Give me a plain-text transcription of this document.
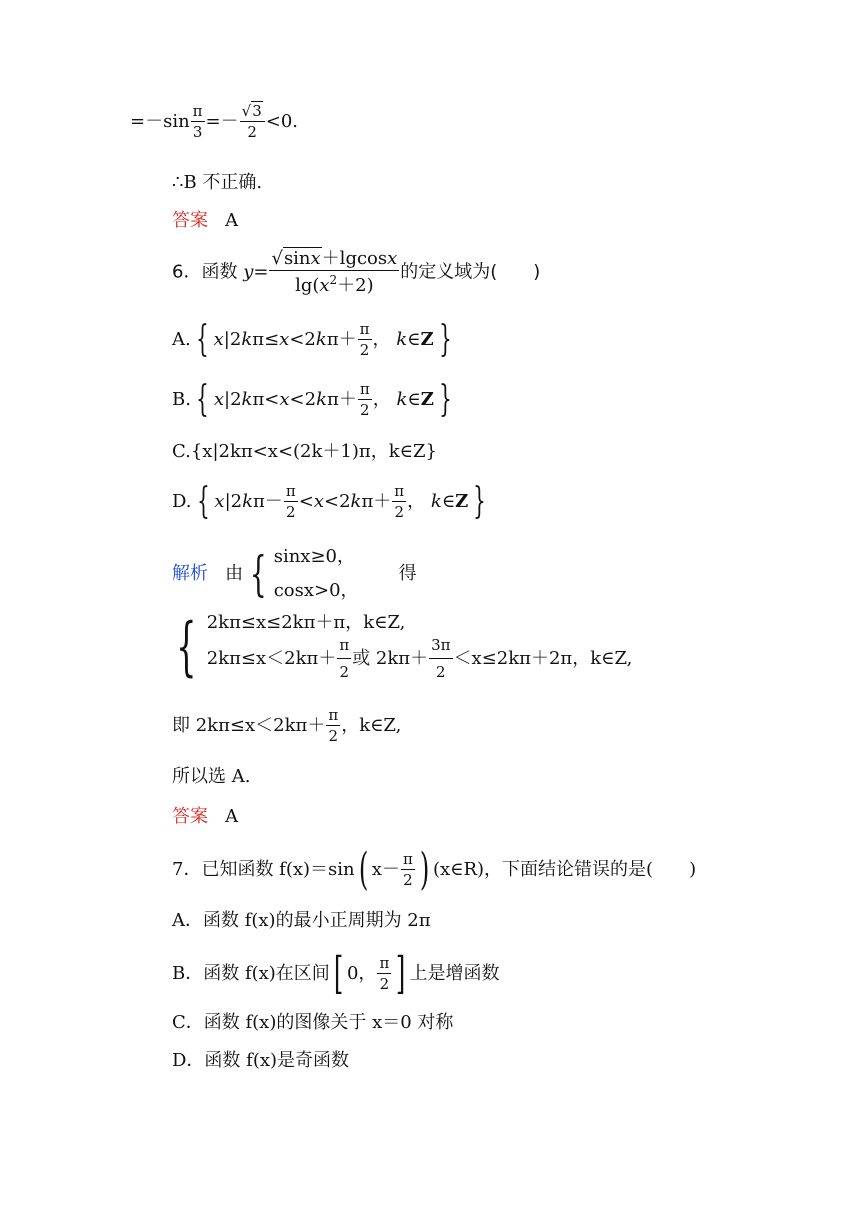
$=-\sin \frac{\pi}{3} =- \frac{√3}{2} <0$.
∴B 不正确.
答案 A
6．函数 $y= \frac{√\sin x+lgcosx}{\lg(x^2+2)}$ 的定义域为(　　)
A. { $x|2k\pi\le x<2k\pi+ \frac{\pi}{2}$ ， k∈Z }
B. { $x|2k\pi<x<2k\pi+ \frac{\pi}{2}$ ， k∈Z }
C.{x|2kπ<x<(2k＋1)π，k∈Z}
D. { $x|2k\pi- \frac{\pi}{2} <x<2k\pi+ \frac{\pi}{2}$ ， k∈Z }
解析 由 { sinx≥0，
cosx>0，
得
{ 2kπ≤x≤2kπ＋π，k∈Z,
$2k\pi\le x<2k\pi+ \frac{\pi}{2}$ 或 $2k\pi+ \frac{3\pi}{2} <x\le 2k\pi+2\pi$，k∈Z,
即 $2k\pi\le x<2k\pi+ \frac{\pi}{2}$ ，k∈Z,
所以选 A.
答案 A
7．已知函数 f(x)＝sin( $x- \frac{\pi}{2}$ ) (x∈R)，下面结论错误的是(　　)
A．函数 f(x)的最小正周期为 2π
B．函数 f(x)在区间[ 0， $\frac{\pi}{2}$ ] 上是增函数
C．函数 f(x)的图像关于 x＝0 对称
D．函数 f(x)是奇函数
